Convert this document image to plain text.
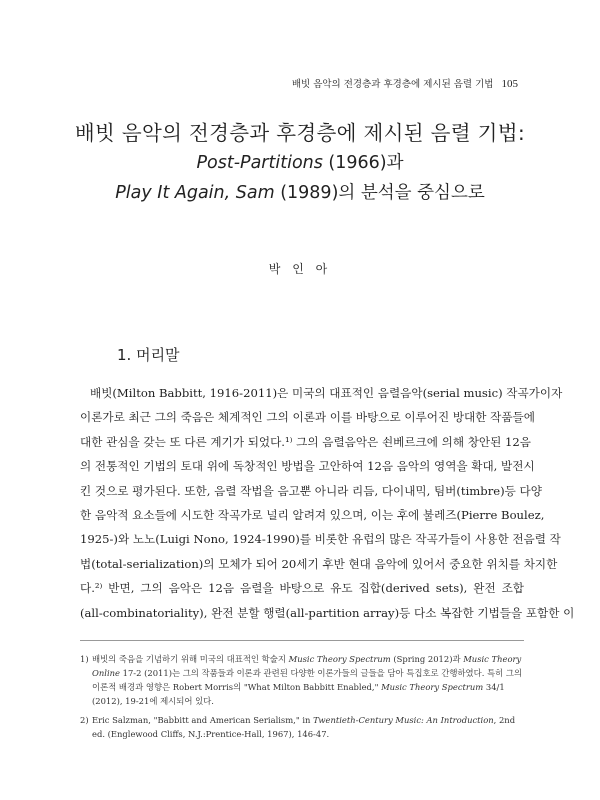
배빗 음악의 전경층과 후경층에 제시된 음렬 기법 105
배빗 음악의 전경층과 후경층에 제시된 음렬 기법:
Post-Partitions (1966)과
Play It Again, Sam (1989)의 분석을 중심으로
박 인 아
1. 머리말
배빗(Milton Babbitt, 1916-2011)은 미국의 대표적인 음렬음악(serial music) 작곡가이자
이론가로 최근 그의 죽음은 체계적인 그의 이론과 이를 바탕으로 이루어진 방대한 작품들에
대한 관심을 갖는 또 다른 계기가 되었다.¹⁾ 그의 음렬음악은 쇤베르크에 의해 창안된 12음
의 전통적인 기법의 토대 위에 독창적인 방법을 고안하여 12음 음악의 영역을 확대, 발전시
킨 것으로 평가된다. 또한, 음렬 작법을 음고뿐 아니라 리듬, 다이내믹, 팀버(timbre)등 다양
한 음악적 요소들에 시도한 작곡가로 널리 알려져 있으며, 이는 후에 불레즈(Pierre Boulez,
1925-)와 노노(Luigi Nono, 1924-1990)를 비롯한 유럽의 많은 작곡가들이 사용한 전음렬 작
법(total-serialization)의 모체가 되어 20세기 후반 현대 음악에 있어서 중요한 위치를 차지한
다.²⁾ 반면, 그의 음악은 12음 음렬을 바탕으로 유도 집합(derived sets), 완전 조합
(all-combinatoriality), 완전 분할 행렬(all-partition array)등 다소 복잡한 기법들을 포함한 이
1) 배빗의 죽음을 기념하기 위해 미국의 대표적인 학술지 Music Theory Spectrum (Spring 2012)과 Music Theory Online 17-2 (2011)는 그의 작품들과 이론과 관련된 다양한 이론가들의 글들을 담아 특집호로 간행하였다. 특히 그의 이론적 배경과 영향은 Robert Morris의 "What Milton Babbitt Enabled," Music Theory Spectrum 34/1 (2012), 19-21에 제시되어 있다.
2) Eric Salzman, "Babbitt and American Serialism," in Twentieth-Century Music: An Introduction, 2nd ed. (Englewood Cliffs, N.J.:Prentice-Hall, 1967), 146-47.
